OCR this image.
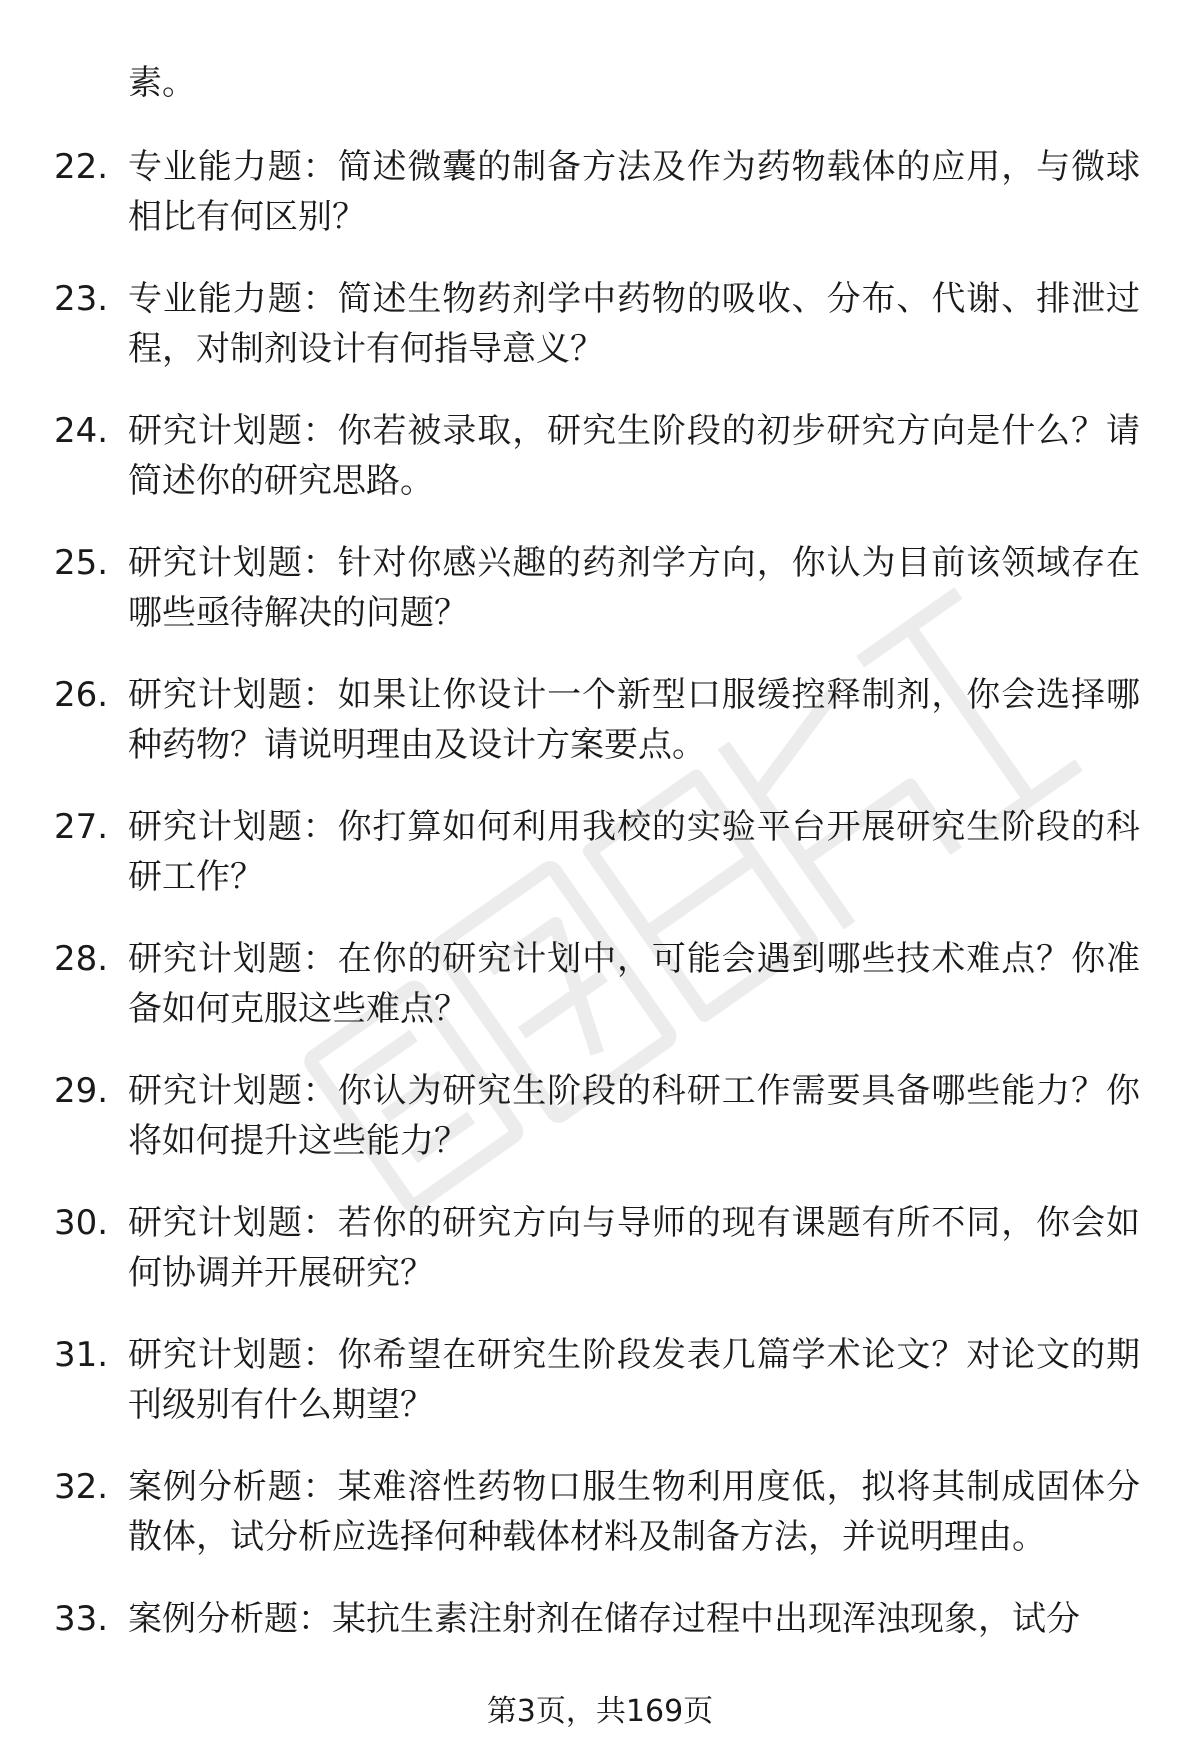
素。

22. 专业能力题：简述微囊的制备方法及作为药物载体的应用，与微球相比有何区别？
23. 专业能力题：简述生物药剂学中药物的吸收、分布、代谢、排泄过程，对制剂设计有何指导意义？
24. 研究计划题：你若被录取，研究生阶段的初步研究方向是什么？请简述你的研究思路。
25. 研究计划题：针对你感兴趣的药剂学方向，你认为目前该领域存在哪些亟待解决的问题？
26. 研究计划题：如果让你设计一个新型口服缓控释制剂，你会选择哪种药物？请说明理由及设计方案要点。
27. 研究计划题：你打算如何利用我校的实验平台开展研究生阶段的科研工作？
28. 研究计划题：在你的研究计划中，可能会遇到哪些技术难点？你准备如何克服这些难点？
29. 研究计划题：你认为研究生阶段的科研工作需要具备哪些能力？你将如何提升这些能力？
30. 研究计划题：若你的研究方向与导师的现有课题有所不同，你会如何协调并开展研究？
31. 研究计划题：你希望在研究生阶段发表几篇学术论文？对论文的期刊级别有什么期望？
32. 案例分析题：某难溶性药物口服生物利用度低，拟将其制成固体分散体，试分析应选择何种载体材料及制备方法，并说明理由。
33. 案例分析题：某抗生素注射剂在储存过程中出现浑浊现象，试分
第3页，共169页
